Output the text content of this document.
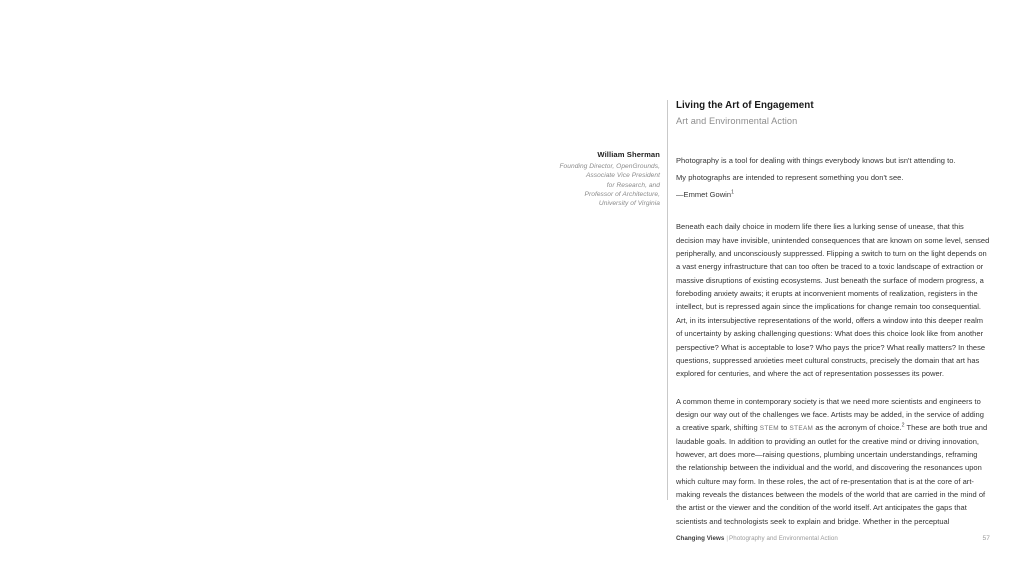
William Sherman
Founding Director, OpenGrounds,
Associate Vice President
for Research, and
Professor of Architecture,
University of Virginia
Living the Art of Engagement
Art and Environmental Action

Photography is a tool for dealing with things everybody knows but isn't attending to.

My photographs are intended to represent something you don't see.

—Emmet Gowin$^1$

Beneath each daily choice in modern life there lies a lurking sense of unease, that this decision may have invisible, unintended consequences that are known on some level, sensed peripherally, and unconsciously suppressed. Flipping a switch to turn on the light depends on a vast energy infrastructure that can too often be traced to a toxic landscape of extraction or massive disruptions of existing ecosystems. Just beneath the surface of modern progress, a foreboding anxiety awaits; it erupts at inconvenient moments of realization, registers in the intellect, but is repressed again since the implications for change remain too consequential. Art, in its intersubjective representations of the world, offers a window into this deeper realm of uncertainty by asking challenging questions: What does this choice look like from another perspective? What is acceptable to lose? Who pays the price? What really matters? In these questions, suppressed anxieties meet cultural constructs, precisely the domain that art has explored for centuries, and where the act of representation possesses its power.

A common theme in contemporary society is that we need more scientists and engineers to design our way out of the challenges we face. Artists may be added, in the service of adding a creative spark, shifting STEM to STEAM as the acronym of choice.$^2$ These are both true and laudable goals. In addition to providing an outlet for the creative mind or driving innovation, however, art does more—raising questions, plumbing uncertain understandings, reframing the relationship between the individual and the world, and discovering the resonances upon which culture may form. In these roles, the act of re-presentation that is at the core of art-making reveals the distances between the models of the world that are carried in the mind of the artist or the viewer and the condition of the world itself. Art anticipates the gaps that scientists and technologists seek to explain and bridge. Whether in the perceptual

Changing Views |Photography and Environmental Action	57
